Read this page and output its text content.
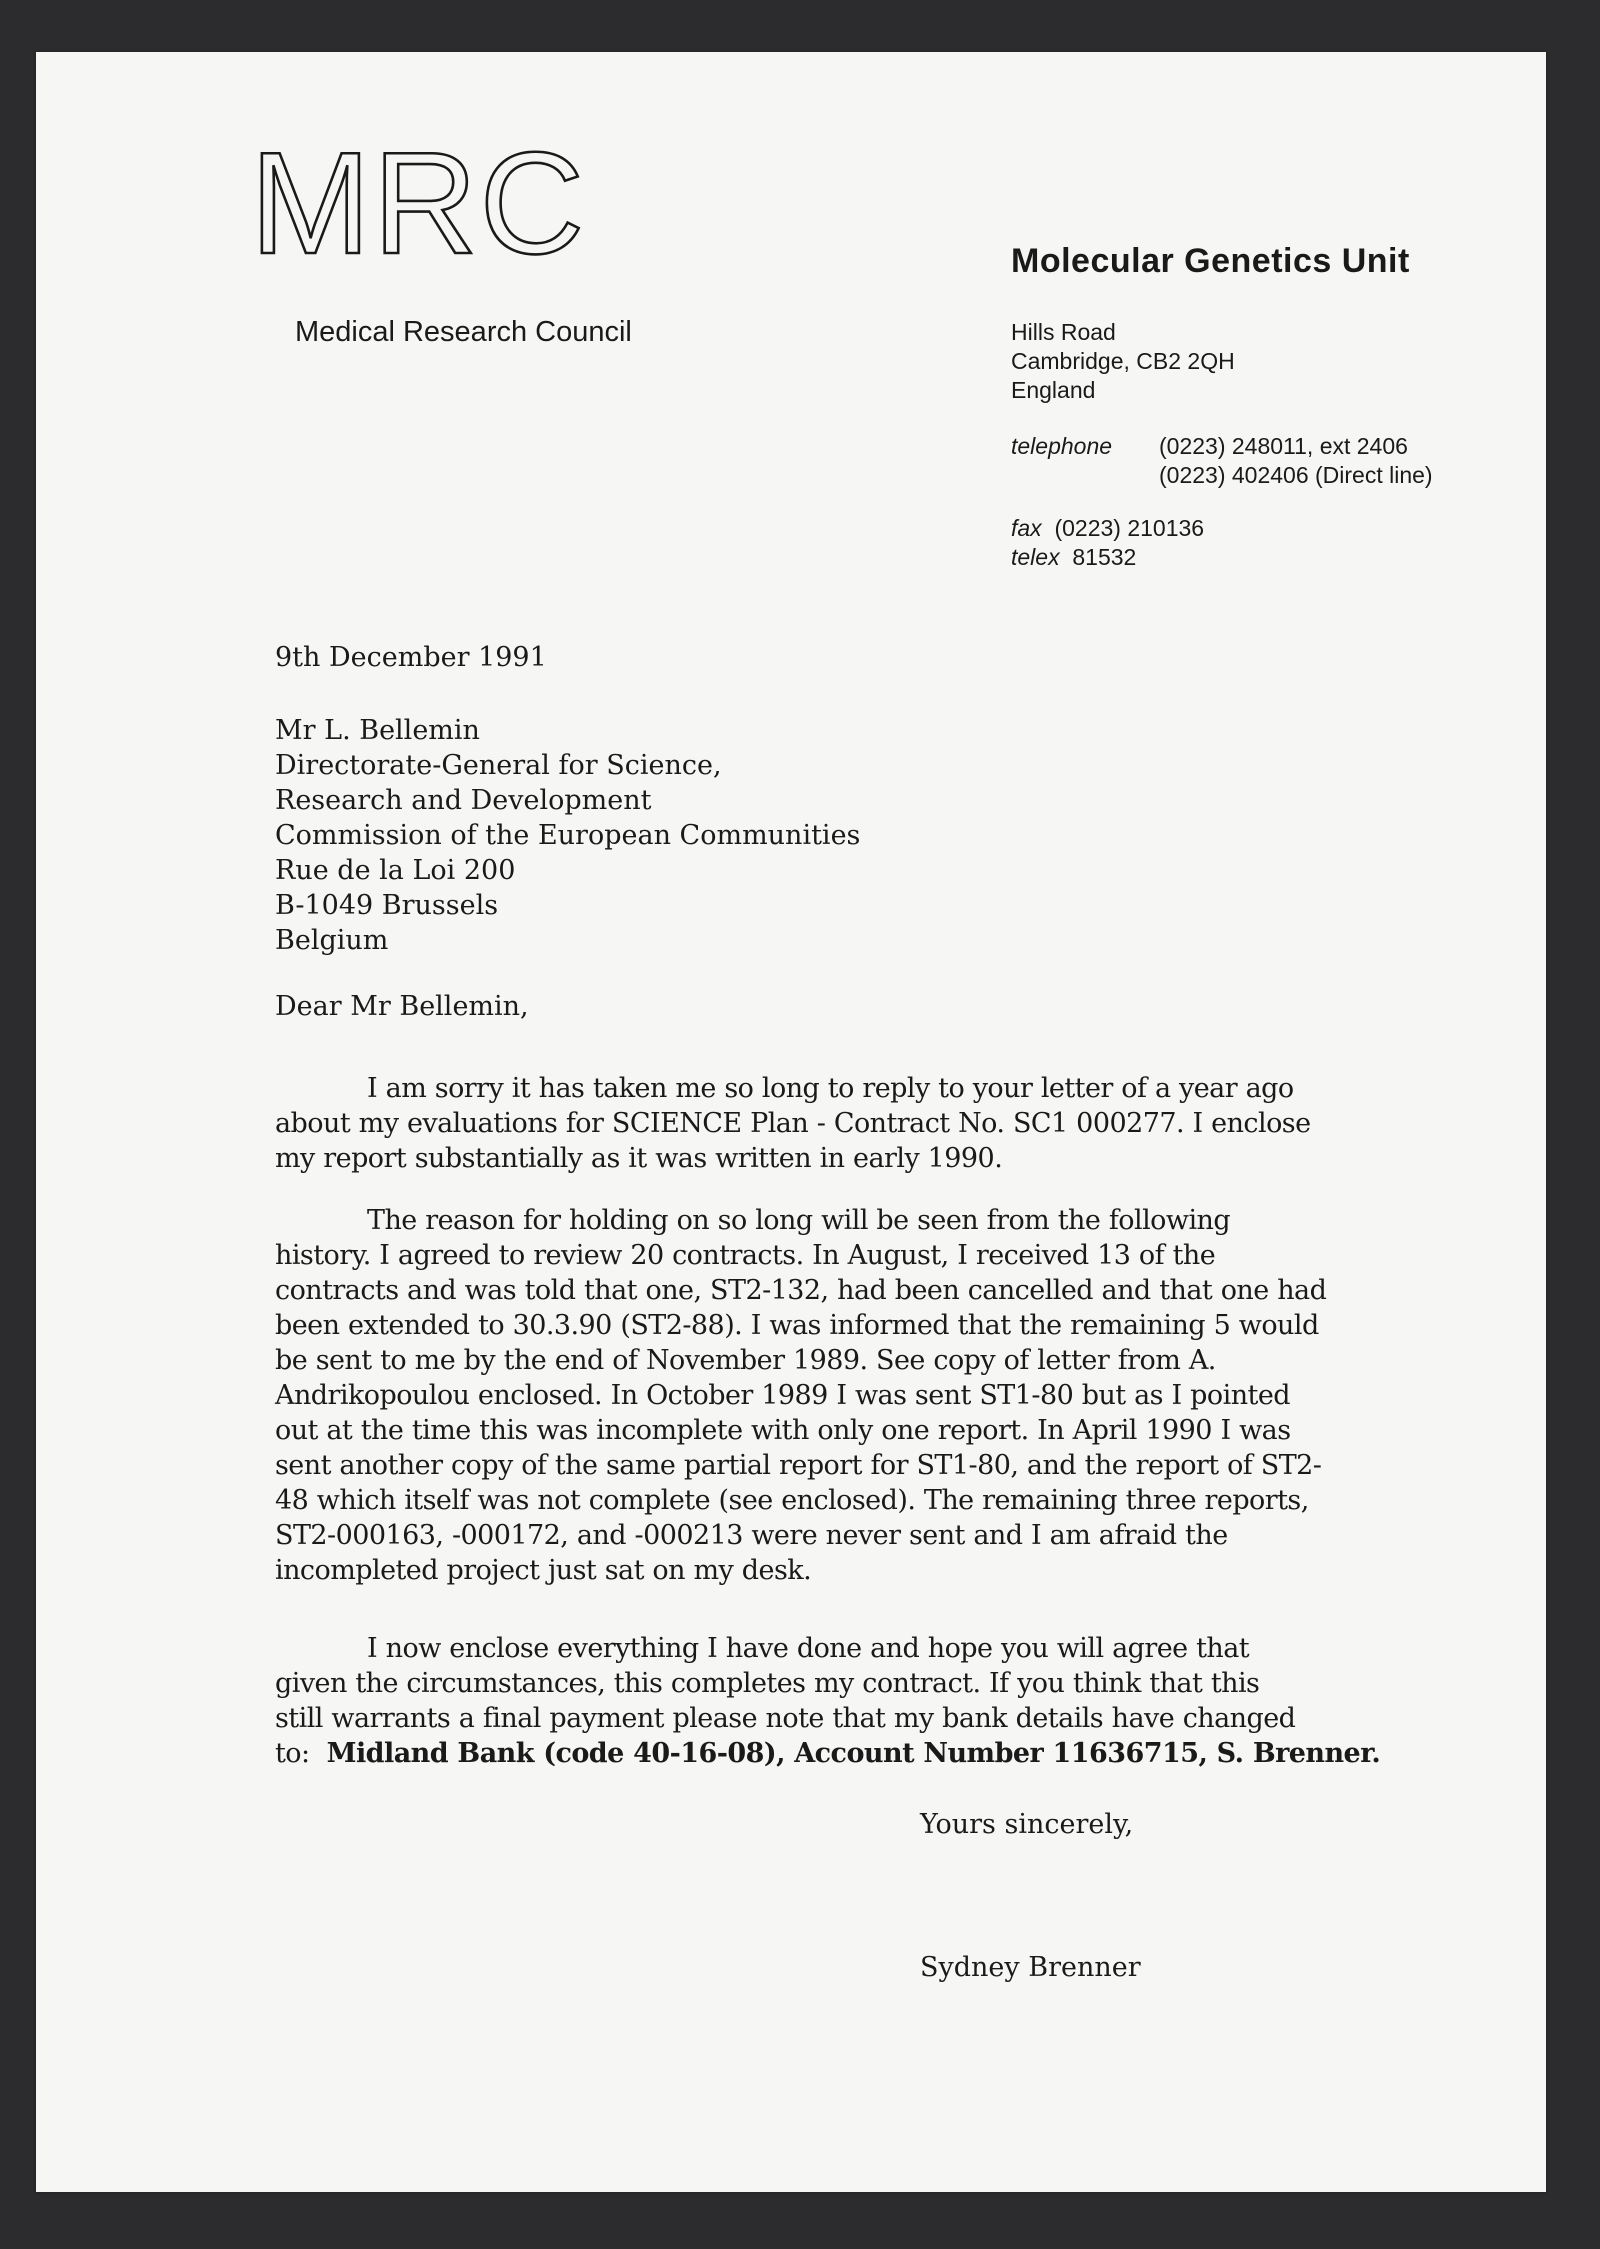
MRC
Medical Research Council
Molecular Genetics Unit
Hills Road
Cambridge, CB2 2QH
England
telephone (0223) 248011, ext 2406
(0223) 402406 (Direct line)
fax (0223) 210136
telex 81532
9th December 1991
Mr L. Bellemin
Directorate-General for Science,
Research and Development
Commission of the European Communities
Rue de la Loi 200
B-1049 Brussels
Belgium
Dear Mr Bellemin,
I am sorry it has taken me so long to reply to your letter of a year ago
about my evaluations for SCIENCE Plan - Contract No. SC1 000277. I enclose
my report substantially as it was written in early 1990.
The reason for holding on so long will be seen from the following
history. I agreed to review 20 contracts. In August, I received 13 of the
contracts and was told that one, ST2-132, had been cancelled and that one had
been extended to 30.3.90 (ST2-88). I was informed that the remaining 5 would
be sent to me by the end of November 1989. See copy of letter from A.
Andrikopoulou enclosed. In October 1989 I was sent ST1-80 but as I pointed
out at the time this was incomplete with only one report. In April 1990 I was
sent another copy of the same partial report for ST1-80, and the report of ST2-
48 which itself was not complete (see enclosed). The remaining three reports,
ST2-000163, -000172, and -000213 were never sent and I am afraid the
incompleted project just sat on my desk.
I now enclose everything I have done and hope you will agree that
given the circumstances, this completes my contract. If you think that this
still warrants a final payment please note that my bank details have changed
to: Midland Bank (code 40-16-08), Account Number 11636715, S. Brenner.
Yours sincerely,
Sydney Brenner
